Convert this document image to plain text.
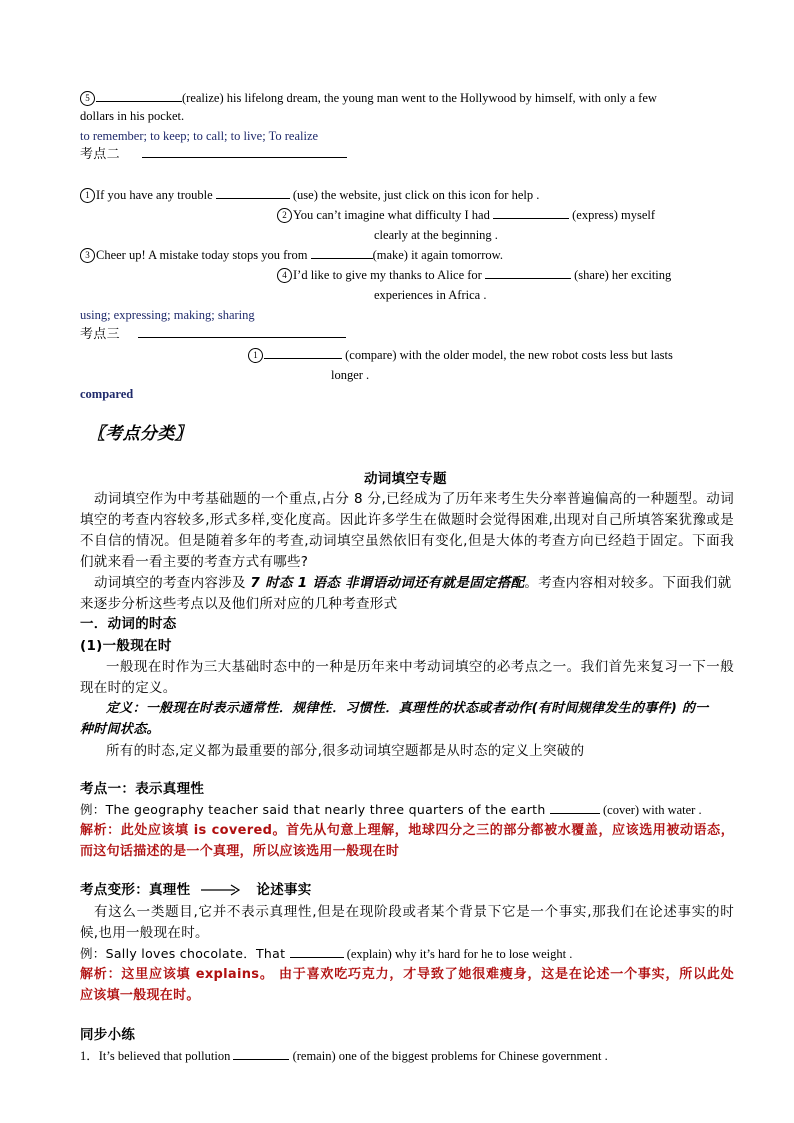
5	(realize) his lifelong dream, the young man went to the Hollywood by himself, with only a few
dollars in his pocket.
to remember; to keep; to call; to live; To realize
考点二
1 If you have any trouble	(use) the website, just click on this icon for help .
2 You can’t imagine what difficulty I had	(express) myself
clearly at the beginning .
3 Cheer up! A mistake today stops you from	(make) it again tomorrow.
4 I’d like to give my thanks to Alice for	(share) her exciting
experiences in Africa .
using; expressing; making; sharing
考点三
1	(compare) with the older model, the new robot costs less but lasts
longer .
compared
〖考点分类〗
动词填空专题
动词填空作为中考基础题的一个重点,占分 8 分,已经成为了历年来考生失分率普遍偏高的一种题型。动词
填空的考查内容较多,形式多样,变化度高。因此许多学生在做题时会觉得困难,出现对自己所填答案犹豫或是
不自信的情况。但是随着多年的考查,动词填空虽然依旧有变化,但是大体的考查方向已经趋于固定。下面我
们就来看一看主要的考查方式有哪些?
动词填空的考查内容涉及 7 时态 1 语态 非谓语动词还有就是固定搭配。考查内容相对较多。下面我们就
来逐步分析这些考点以及他们所对应的几种考查形式
一．动词的时态
(1)一般现在时
一般现在时作为三大基础时态中的一种是历年来中考动词填空的必考点之一。我们首先来复习一下一般
现在时的定义。
定义：一般现在时表示通常性．规律性．习惯性．真理性的状态或者动作(有时间规律发生的事件) 的一
种时间状态。
所有的时态,定义都为最重要的部分,很多动词填空题都是从时态的定义上突破的
考点一：表示真理性
例：The geography teacher said that nearly three quarters of the earth	(cover) with water .
解析：此处应该填 is covered。首先从句意上理解，地球四分之三的部分都被水覆盖，应该选用被动语态，
而这句话描述的是一个真理，所以应该选用一般现在时
考点变形：真理性	论述事实
有这么一类题目,它并不表示真理性,但是在现阶段或者某个背景下它是一个事实,那我们在论述事实的时
候,也用一般现在时。
例：Sally loves chocolate．That	(explain) why it’s hard for he to lose weight .
解析：这里应该填 explains。 由于喜欢吃巧克力，才导致了她很难瘦身，这是在论述一个事实，所以此处
应该填一般现在时。
同步小练
1．It’s believed that pollution	(remain) one of the biggest problems for Chinese government .
